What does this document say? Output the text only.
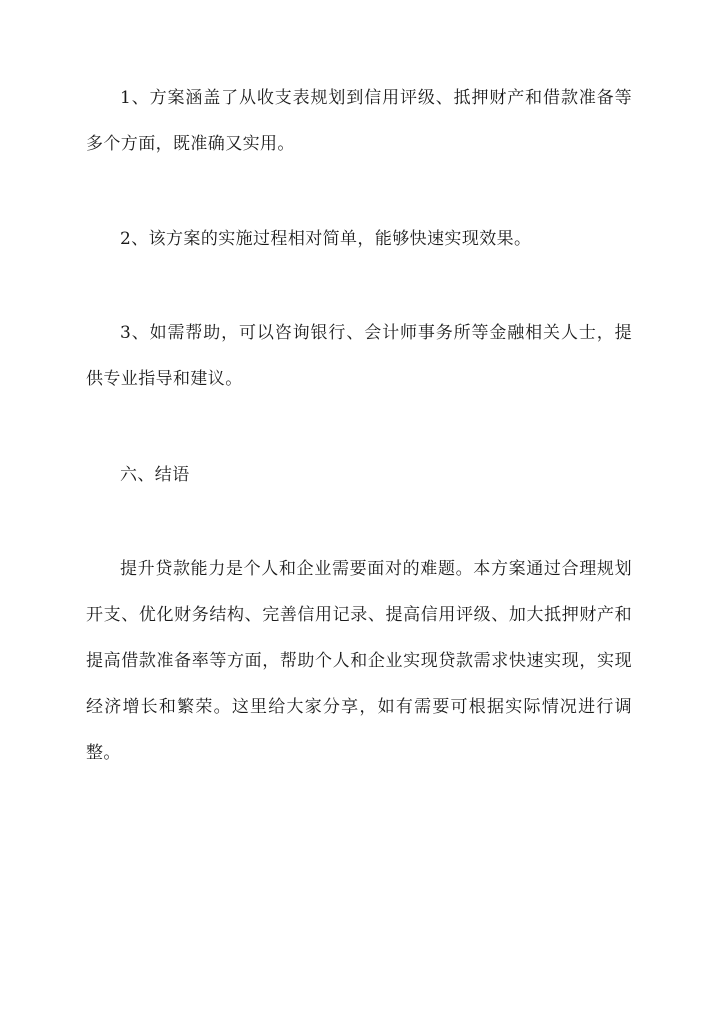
1、方案涵盖了从收支表规划到信用评级、抵押财产和借款准备等多个方面，既准确又实用。

2、该方案的实施过程相对简单，能够快速实现效果。

3、如需帮助，可以咨询银行、会计师事务所等金融相关人士，提供专业指导和建议。

六、结语

提升贷款能力是个人和企业需要面对的难题。本方案通过合理规划开支、优化财务结构、完善信用记录、提高信用评级、加大抵押财产和提高借款准备率等方面，帮助个人和企业实现贷款需求快速实现，实现经济增长和繁荣。这里给大家分享，如有需要可根据实际情况进行调整。
